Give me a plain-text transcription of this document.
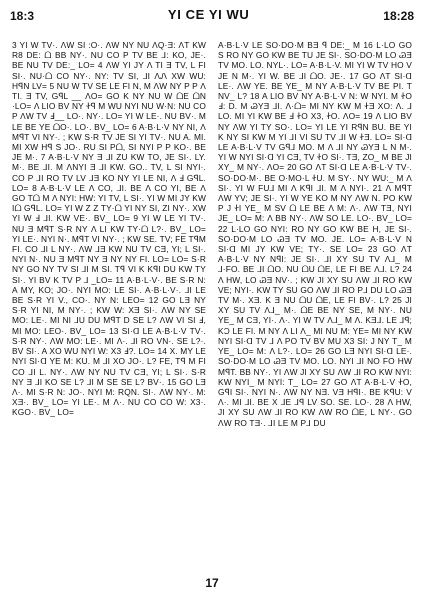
18:3	YI CE YI WU	18:28

3 YI W TV·. ΛW SI :O·. ΛW NY NU ΛQ·Ǝ: ΛT KW R8 DE: ᗝ BB NY·. NU CO P TV BE ⅃: KO, JE·. BE NU TV DE:_ LO= 4 ΛW YI JY Λ TI Ǝ TV, L FI SI·. NU·ᗝ CO NY·. NY: TV SI, ⅃I ΛᏁ XW WU: HꟼN LV= 5 NU W TV SE LE FI N, M ΛW NY P P Λ TI. Ǝ TV, GꟼL __ ΛO= GO K NY NU W ᗝE ᗝN ·LO= Λ LIO BV NY Ꮠꟼ M WU NYI NU W·N: NU CO P ΛW TV Ⅎ__ LO·. NY·. LO= YI W LE·. NU BV·. M LE BE YE ᗝO·. LO·. BV_ LO= 6 A·B·L·V NY NI, Λ MꟼT VI NY·. ; KW S·R TV JE SI YI TV·. NU A. MI. MI XW Hꟼ S JO·. RU SI Pᗝ, SI NYI P P KO·. BE JE M·. 7 A·B·L·V NY Ǝ ⅃I ZU KW TO, JE SI·. LY. M·. BE ⅃I. M ΛNYI Ǝ ⅃I KW. GO.. TV, L SI NYI·. CO P ⅃I RO TV LV ⅃Ǝ KO NY YI LE NI, Λ Ⅎ GꟼL. LO= 8 A·B·L·V LE Λ CO, ⅃I. BE Λ CO YI, BE Λ GO Tᗝ M Λ NYI: HW: YI TV, L SI·. YI W MI JY KW Iᗝ GꟼL. LO= YI W Z Z TY·ᗝ YI NY SI, ZI NY·. XW YI W Ⅎ ⅃I. KW VE·. BV_ LO= 9 YI W LE YI TV·. NU Ǝ MꟼT S·R NY Λ LI KW TY·ᗝ L?·. BV_ LO= YI LE·. NYI N·. MꟼT VI NY·. ; KW SE. TV; FE TꟼM FI. CO ⅃I L NY·. ΛW ⅃Ǝ KW NU TV CƎ, YI; L SI·. NYI N·. NU Ǝ MꟼT NY Ǝ NY NY FI. LO= LO= S·R NY GO NY TV SI ⅃I M SI. Tꟼ VI K KꟼI DU KW TY SI·. YI BV K TV P ⅃ _LO= 11 A·B·L·V·. BE S·R N: A MY, KO; JO·. NYI MO: LE SI·. A·B·L·V·. ⅃I LE BE S·R YI V., CO·. NY N: LEO= 12 GO LƎ NY S·R YI NI, M NY·. ; KW W: XƎ SI·. ΛW NY SE MO: LE·. MI NI ⅃U DU MꟼT D SE L? ΛW VI SI Ⅎ, MI MO: LEO·. BV_ LO= 13 SI·ᗡ LE A·B·L·V TV·. S·R NY·. ΛW MO: LE·. MI Λ·. ⅃I RO VN·. SE L?·. BV SI·. A XO WU NYI W: X3 Ⅎ?. LO= 14 X. MY LE NYI SI·ᗡ YE M: KU. M ⅃I XO JO·. L? FE, Tꟼ M FI CO ⅃I L. NY·. ΛW NY NU TV CƎ, YI; L SI·. S·R NY Ǝ ⅃I KO SE L? ⅃I M SE SE L? BV·. 15 GO LƎ Λ·. MI S·R N: JO·. NYI M: RQN. SI·. ΛW NY·. M: XƎ·. BV_ LO= YI LE·. M Λ·. NU CO CO W: X3·. KGO·. BV_ LO=

A·B·L·V LE SO·DO·M BƎ ꟼ DE:_ M 16 L·LO GO S RO NY GO KW BE TU JE SI·. SO·DO·M LO ᏊƎ TV MO. LO. NYL·. LO= A·B·L·V. MI YI W TV HO V JE N M·. YI W. BE ⅃I ᗝO. JE·. 17 GO ΛT SI·ᗡ LE·. ΛW YE. BE YE_ M NY A·B·L·V TV BE PI. T NV_ L? 18 A LIO BV NY A·B·L·V N: W NYI. M ᏐO Ⅎ: D. M ᏊYƎ ⅃I. Λ·ᗝ= MI NY KW M ᏐƎ XO: Λ. ⅃ LO. MI YI KW BE Ⅎ ᏐO X3, ᏐO. ΛO= 19 Λ LIO BV NY ΛW YI TY SO·. LO= YI LE YI RꟼN BU. BE YI K NY SI KW M YI ⅃I VI SU TV ⅃I W ᏐƎ. LO= SI·ᗡ LE A·B·L·V TV Gꟼ⅃ MO. M Λ ⅃I NY ᏊYƎ L N M·. YI W NYI SI·ᗡ YI CƎ, TV ᏐO SI·. TƎ, ZO_ M BE JI XY_ M NY·. ΛO= 20 GO ΛT SI·ᗡ LE A·B·L·V TV·. SO·DO·M·. BE O·MO·L ᏐU. M SY·. NY WU:_ M Λ SI·. YI W FU⅃ MI Λ KꟼI ⅃I. M Λ NYI·. 21 Λ MꟼT ΛW YV; JE SI·. YI W YE KO M NY ΛW N. PO KW P J ᏐI YE_ M SV ᗝ LE BE Λ M: Λ·. ΛW TƎ, NYI JE_ LO= M: Λ BB NY·. ΛW SO LE. LO·. BV_ LO= 22 L·LO GO NYI: RO NY GO KW BE H, JE SI·. SO·DO·M LO ᏊƎ TV MO. JE. LO= A·B·L·V N SI·ᗡ MI JY KW VE; TY·. SE LO= 23 GO ΛT A·B·L·V NY NꟼI: JE SI·. ⅃I XY SU TV Λ⅃_ M ⅃·FO. BE ⅃I ᗝO. NU ᗝU ᗝE, LE FI BE Λ⅃. L? 24 Λ HW, LO ᏊƎ NV·. ; KW JI XY SU ΛW ⅃I RO KW VE; NYI·. KW TY SU GO ΛW ⅃I RO P⅃ DU LO ᏊƎ TV M·. XƎ. K Ǝ NU ᗝU ᗝE, LE FI BV·. L? 25 JI XY SU TV Λ⅃_ M·. ᗝE BE NY SE, M NY·. NU YE_ M CƎ, YI·. Λ·. YI W TV Λ⅃_ M Λ. KƎ⅃. LE ⅃ꟼ; KƆ LE FI. M NY Λ LI Λ_ MI NU M: YE= MI NY KW NYI SI·ᗡ TV ⅃ Λ PO TV BV MU X3 SI: J NY T_ M YE_ LO= M: Λ L?·. LO= 26 GO LƎ NYI SI·ᗡ LE·. SO·DO·M LO ᏊƎ TV MO. LO. NYI ⅃I NO FO HW MꟼT. BB NY·. YI ΛW JI XY SU ΛW ⅃I RO KW NYI: KW NYI_ M NYI: T_ LO= 27 GO ΛT A·B·L·V ᏐO, GꟼI SI·. NYI N·. ΛW NY NƎ. VƎ HꟼI·. BE KꟼU: V Λ·. MI ⅃I. BE X ⅃E ⅃ꟼ LV SO. SE. LO·. 28 Λ HW, JI XY SU ΛW ⅃I RO KW ΛW RO ᗝE, L NY·. GO ΛW RO TƎ·. ⅃I LE M P⅃ DU

17
